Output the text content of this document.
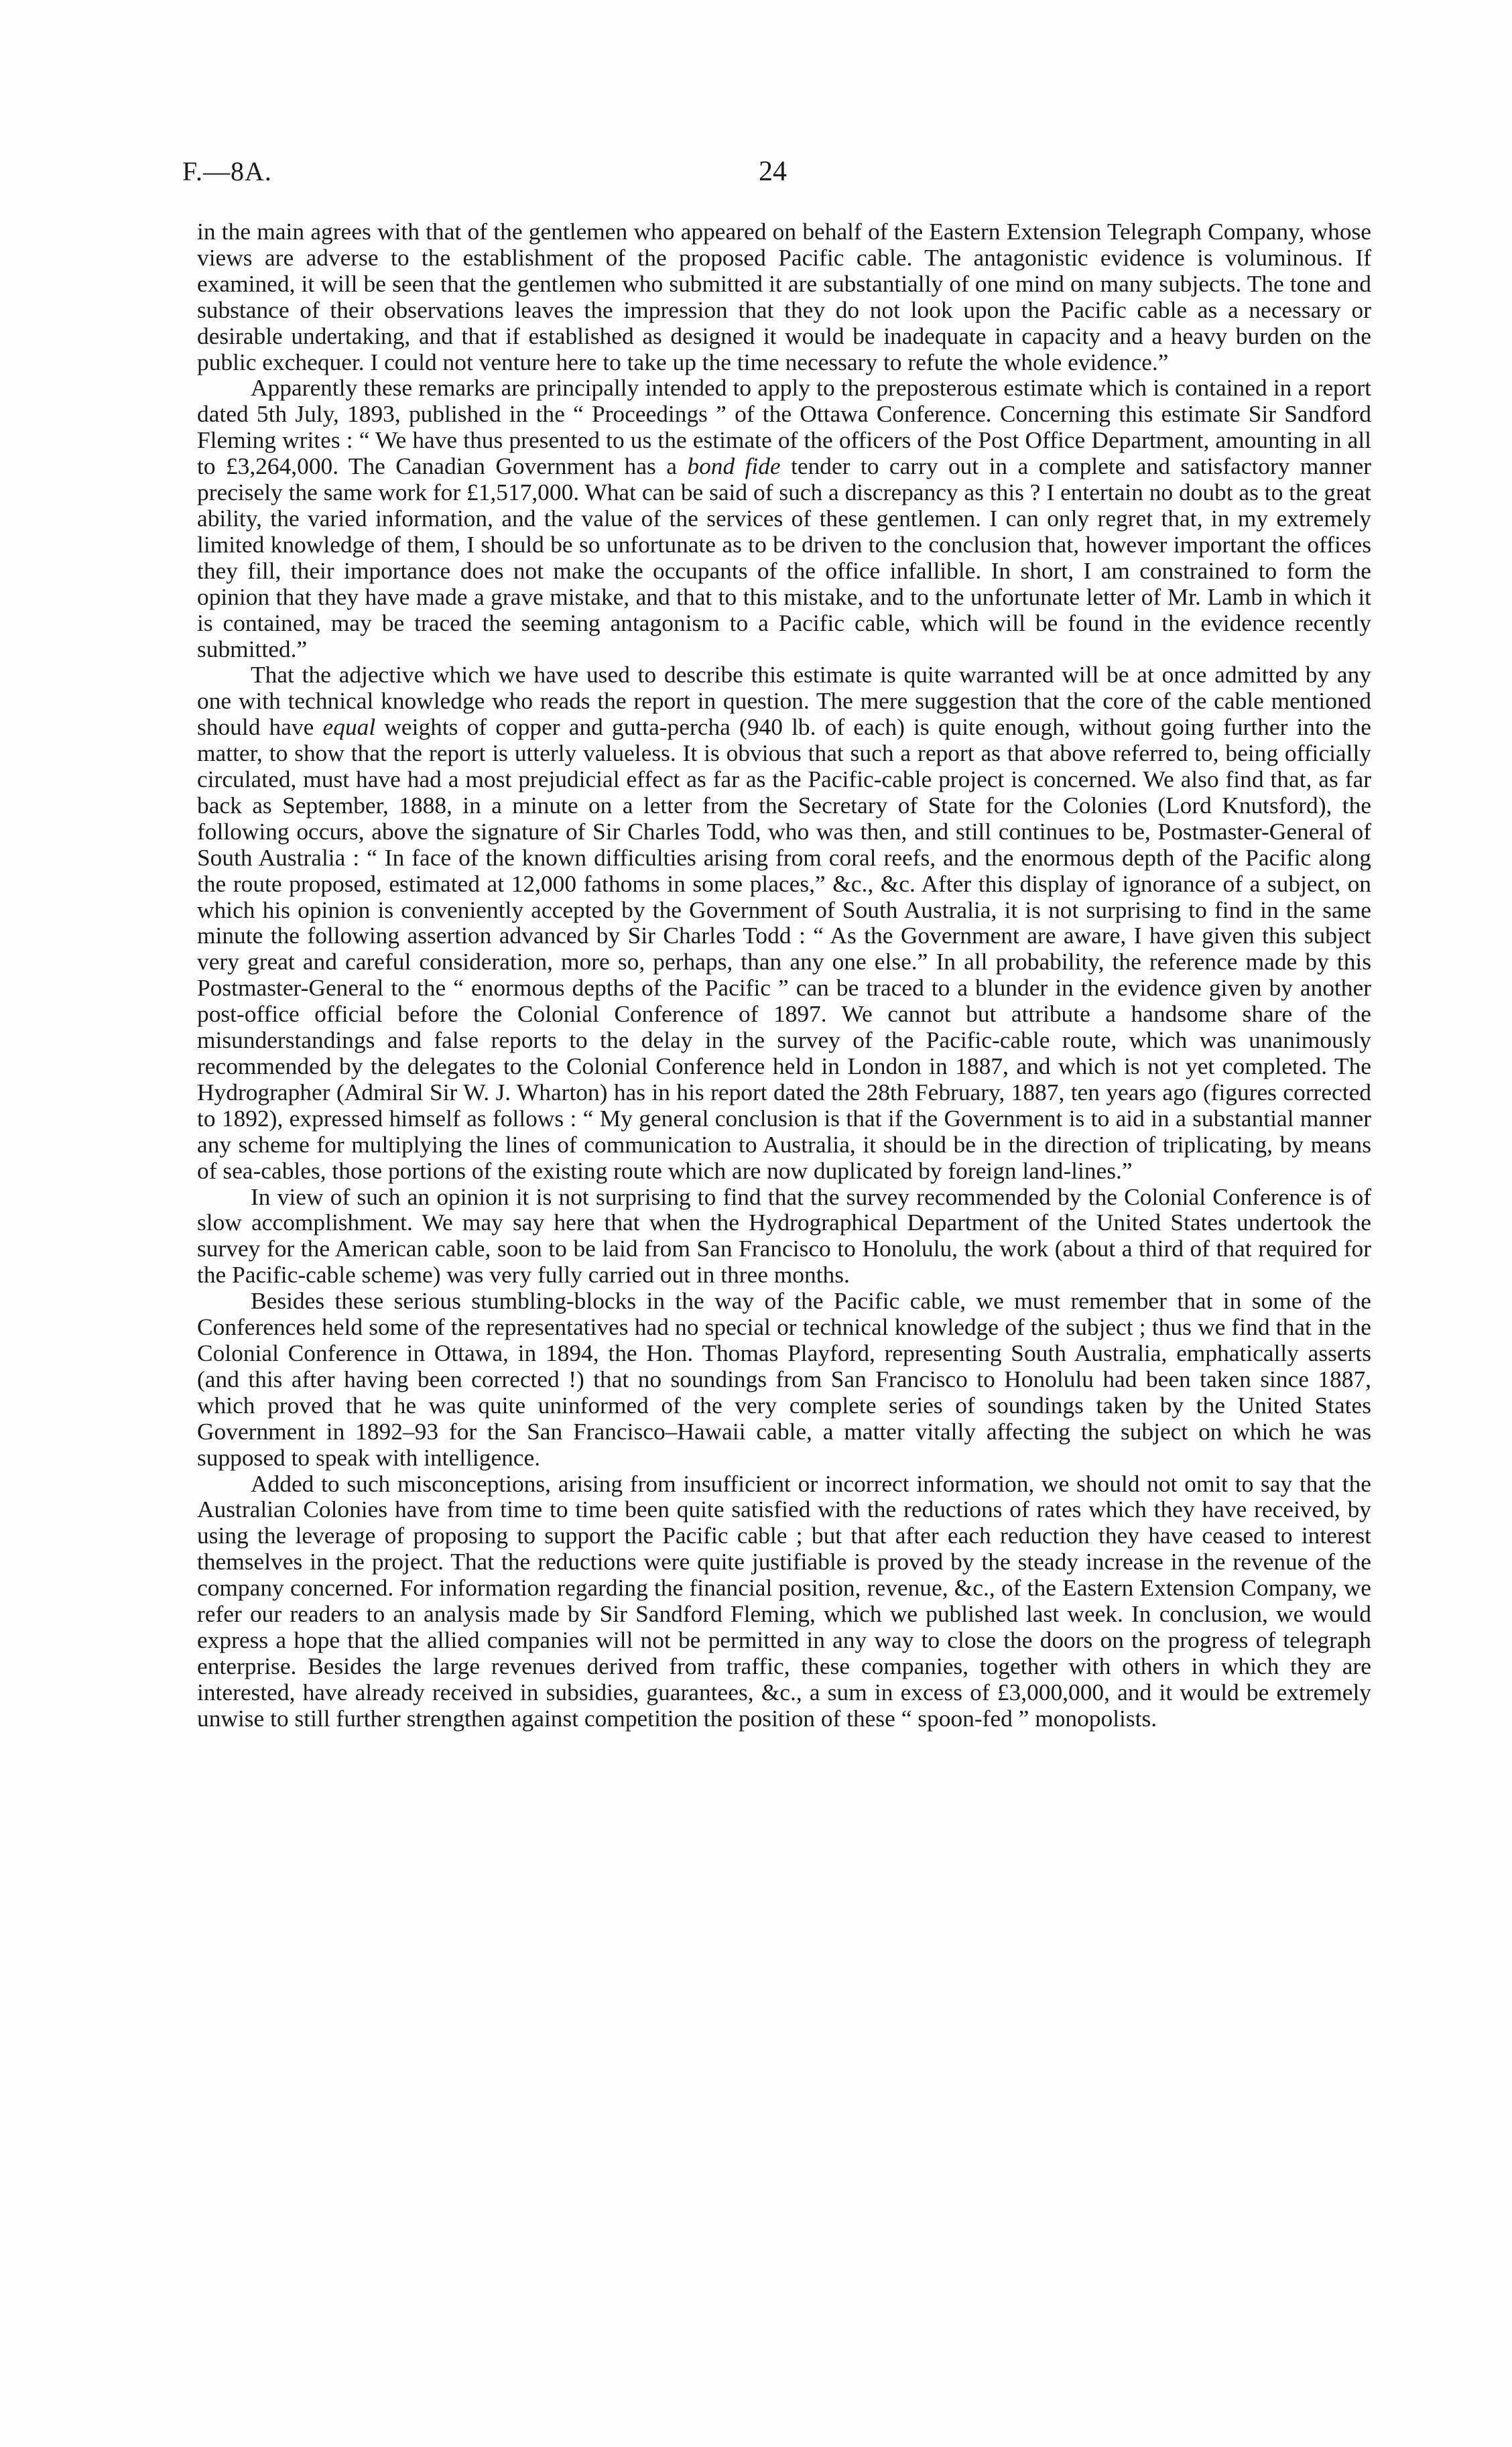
F.—8A.	24

in the main agrees with that of the gentlemen who appeared on behalf of the Eastern Extension Telegraph Company, whose views are adverse to the establishment of the proposed Pacific cable. The antagonistic evidence is voluminous. If examined, it will be seen that the gentlemen who submitted it are substantially of one mind on many subjects. The tone and substance of their observations leaves the impression that they do not look upon the Pacific cable as a necessary or desirable undertaking, and that if established as designed it would be inadequate in capacity and a heavy burden on the public exchequer. I could not venture here to take up the time necessary to refute the whole evidence.”

Apparently these remarks are principally intended to apply to the preposterous estimate which is contained in a report dated 5th July, 1893, published in the “ Proceedings ” of the Ottawa Conference. Concerning this estimate Sir Sandford Fleming writes : “ We have thus presented to us the estimate of the officers of the Post Office Department, amounting in all to £3,264,000. The Canadian Government has a bond fide tender to carry out in a complete and satisfactory manner precisely the same work for £1,517,000. What can be said of such a discrepancy as this ? I entertain no doubt as to the great ability, the varied information, and the value of the services of these gentlemen. I can only regret that, in my extremely limited knowledge of them, I should be so unfortunate as to be driven to the conclusion that, however important the offices they fill, their importance does not make the occupants of the office infallible. In short, I am constrained to form the opinion that they have made a grave mistake, and that to this mistake, and to the unfortunate letter of Mr. Lamb in which it is contained, may be traced the seeming antagonism to a Pacific cable, which will be found in the evidence recently submitted.”

That the adjective which we have used to describe this estimate is quite warranted will be at once admitted by any one with technical knowledge who reads the report in question. The mere suggestion that the core of the cable mentioned should have equal weights of copper and gutta-percha (940 lb. of each) is quite enough, without going further into the matter, to show that the report is utterly valueless. It is obvious that such a report as that above referred to, being officially circulated, must have had a most prejudicial effect as far as the Pacific-cable project is concerned. We also find that, as far back as September, 1888, in a minute on a letter from the Secretary of State for the Colonies (Lord Knutsford), the following occurs, above the signature of Sir Charles Todd, who was then, and still continues to be, Postmaster-General of South Australia : “ In face of the known difficulties arising from coral reefs, and the enormous depth of the Pacific along the route proposed, estimated at 12,000 fathoms in some places,” &c., &c. After this display of ignorance of a subject, on which his opinion is conveniently accepted by the Government of South Australia, it is not surprising to find in the same minute the following assertion advanced by Sir Charles Todd : “ As the Government are aware, I have given this subject very great and careful consideration, more so, perhaps, than any one else.” In all probability, the reference made by this Postmaster-General to the “ enormous depths of the Pacific ” can be traced to a blunder in the evidence given by another post-office official before the Colonial Conference of 1897. We cannot but attribute a handsome share of the misunderstandings and false reports to the delay in the survey of the Pacific-cable route, which was unanimously recommended by the delegates to the Colonial Conference held in London in 1887, and which is not yet completed. The Hydrographer (Admiral Sir W. J. Wharton) has in his report dated the 28th February, 1887, ten years ago (figures corrected to 1892), expressed himself as follows : “ My general conclusion is that if the Government is to aid in a substantial manner any scheme for multiplying the lines of communication to Australia, it should be in the direction of triplicating, by means of sea-cables, those portions of the existing route which are now duplicated by foreign land-lines.”

In view of such an opinion it is not surprising to find that the survey recommended by the Colonial Conference is of slow accomplishment. We may say here that when the Hydrographical Department of the United States undertook the survey for the American cable, soon to be laid from San Francisco to Honolulu, the work (about a third of that required for the Pacific-cable scheme) was very fully carried out in three months.

Besides these serious stumbling-blocks in the way of the Pacific cable, we must remember that in some of the Conferences held some of the representatives had no special or technical knowledge of the subject ; thus we find that in the Colonial Conference in Ottawa, in 1894, the Hon. Thomas Playford, representing South Australia, emphatically asserts (and this after having been corrected !) that no soundings from San Francisco to Honolulu had been taken since 1887, which proved that he was quite uninformed of the very complete series of soundings taken by the United States Government in 1892–93 for the San Francisco–Hawaii cable, a matter vitally affecting the subject on which he was supposed to speak with intelligence.

Added to such misconceptions, arising from insufficient or incorrect information, we should not omit to say that the Australian Colonies have from time to time been quite satisfied with the reductions of rates which they have received, by using the leverage of proposing to support the Pacific cable ; but that after each reduction they have ceased to interest themselves in the project. That the reductions were quite justifiable is proved by the steady increase in the revenue of the company concerned. For information regarding the financial position, revenue, &c., of the Eastern Extension Company, we refer our readers to an analysis made by Sir Sandford Fleming, which we published last week. In conclusion, we would express a hope that the allied companies will not be permitted in any way to close the doors on the progress of telegraph enterprise. Besides the large revenues derived from traffic, these companies, together with others in which they are interested, have already received in subsidies, guarantees, &c., a sum in excess of £3,000,000, and it would be extremely unwise to still further strengthen against competition the position of these “ spoon-fed ” monopolists.
